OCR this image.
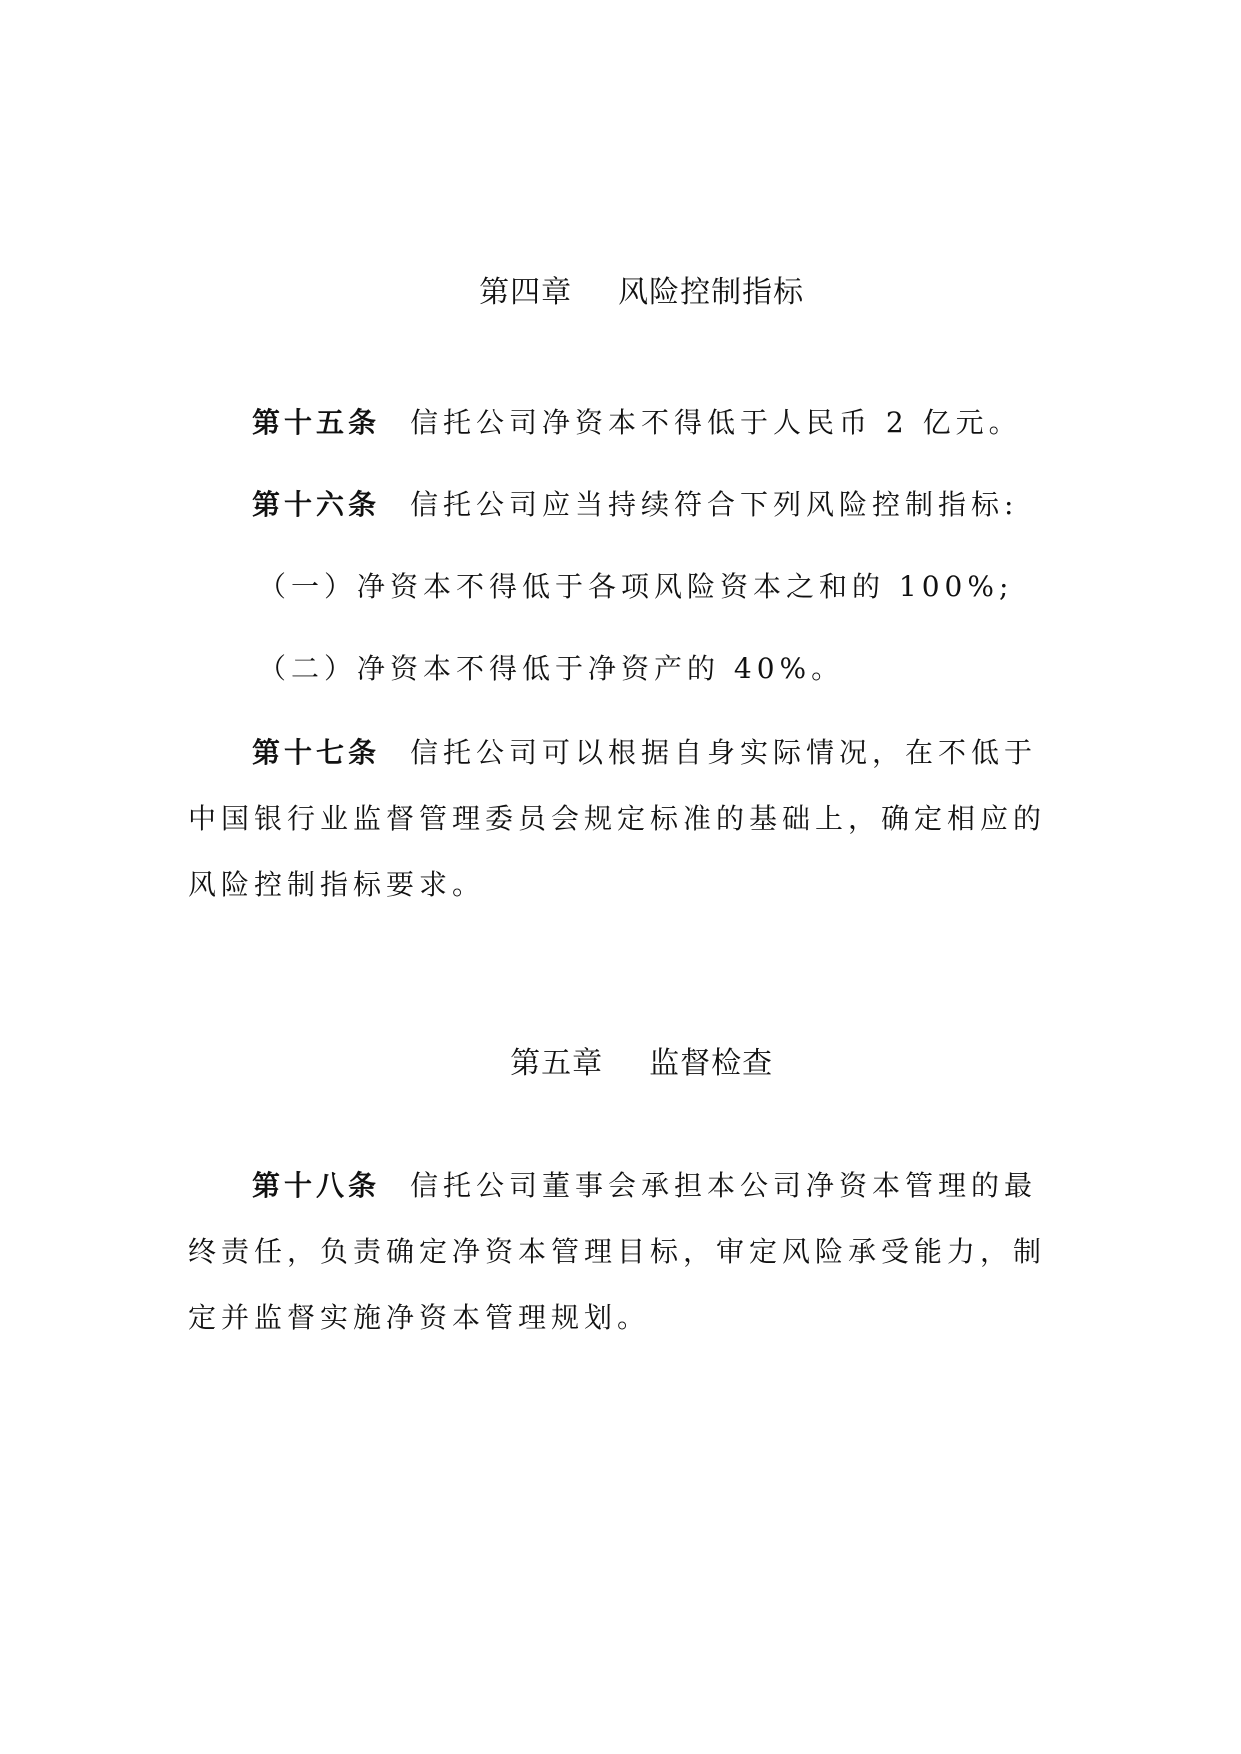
第四章 风险控制指标

第十五条 信托公司净资本不得低于人民币 2 亿元。
第十六条 信托公司应当持续符合下列风险控制指标:
（一）净资本不得低于各项风险资本之和的 100%;
（二）净资本不得低于净资产的 40%。
第十七条 信托公司可以根据自身实际情况，在不低于中国银行业监督管理委员会规定标准的基础上，确定相应的风险控制指标要求。

第五章 监督检查

第十八条 信托公司董事会承担本公司净资本管理的最终责任，负责确定净资本管理目标，审定风险承受能力，制定并监督实施净资本管理规划。
